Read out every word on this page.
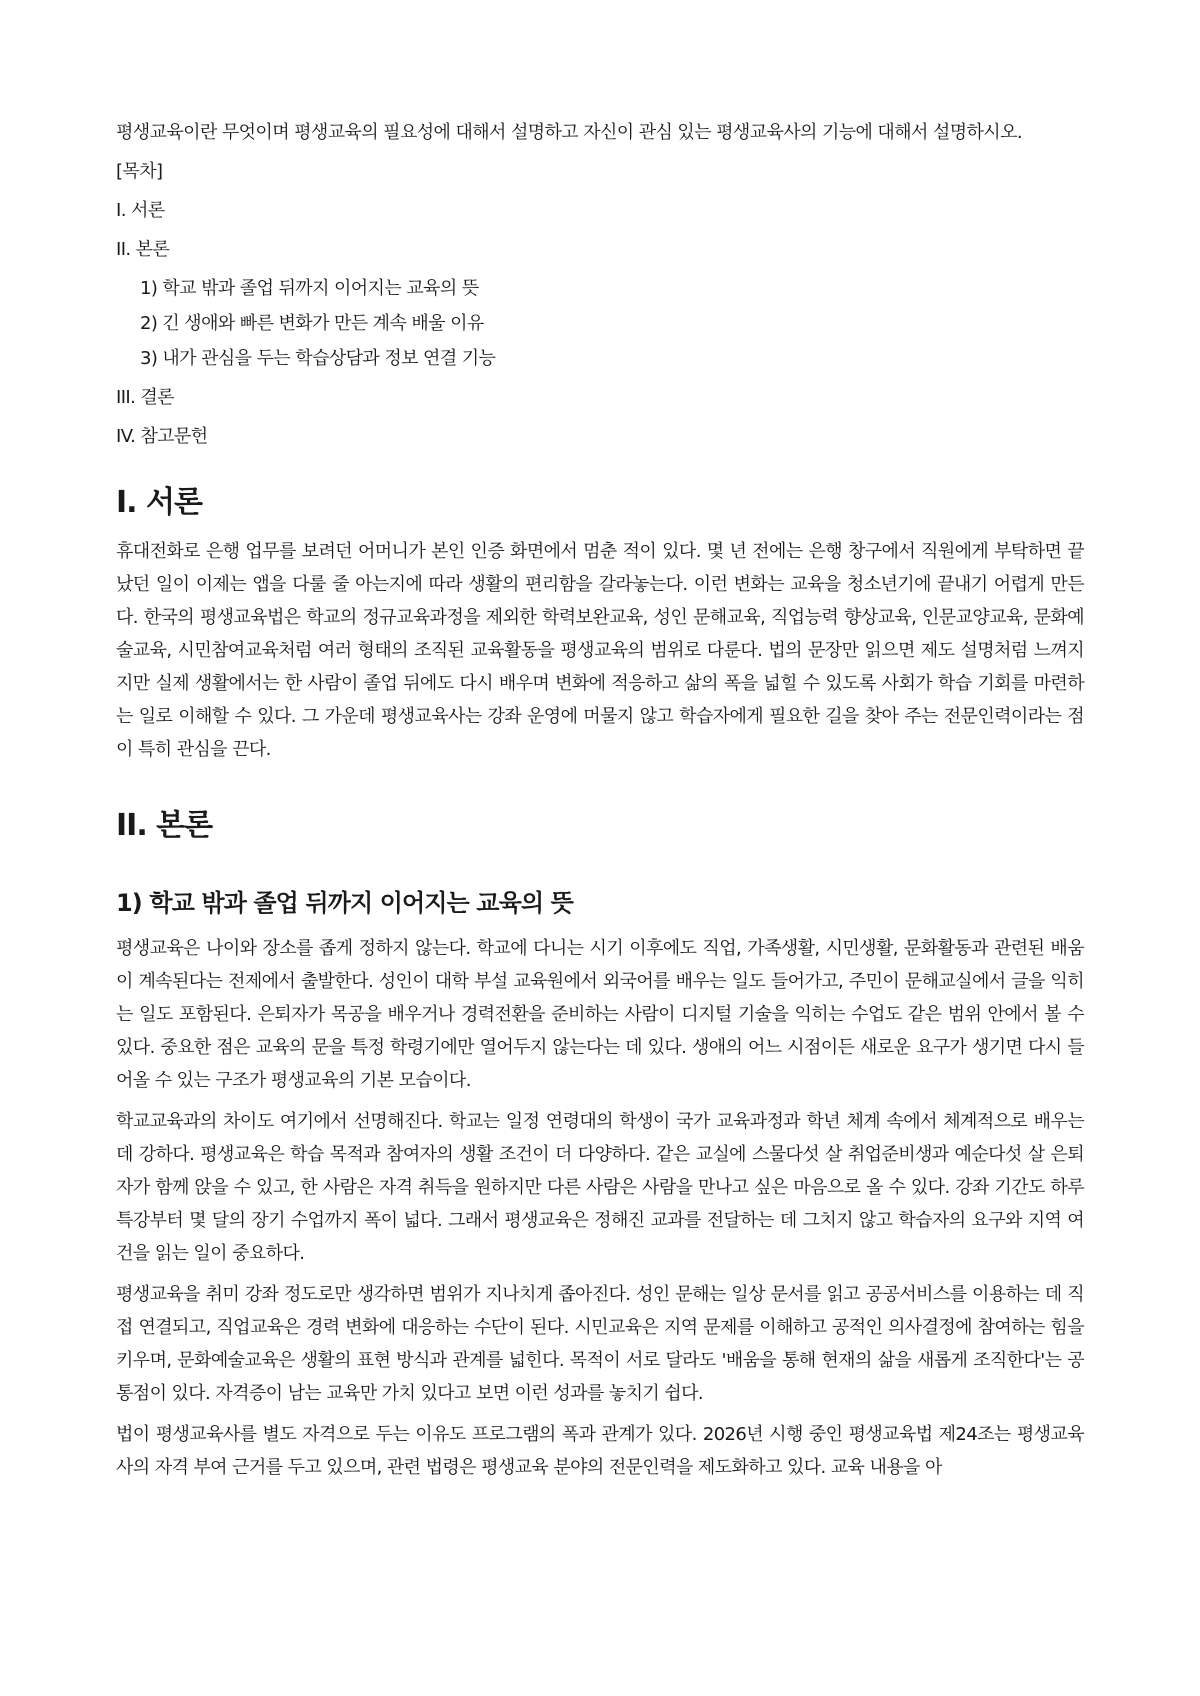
평생교육이란 무엇이며 평생교육의 필요성에 대해서 설명하고 자신이 관심 있는 평생교육사의 기능에 대해서 설명하시오.

[목차]

I. 서론

II. 본론

1) 학교 밖과 졸업 뒤까지 이어지는 교육의 뜻

2) 긴 생애와 빠른 변화가 만든 계속 배울 이유

3) 내가 관심을 두는 학습상담과 정보 연결 기능

III. 결론

IV. 참고문헌

I. 서론

휴대전화로 은행 업무를 보려던 어머니가 본인 인증 화면에서 멈춘 적이 있다. 몇 년 전에는 은행 창구에서 직원에게 부탁하면 끝났던 일이 이제는 앱을 다룰 줄 아는지에 따라 생활의 편리함을 갈라놓는다. 이런 변화는 교육을 청소년기에 끝내기 어렵게 만든다. 한국의 평생교육법은 학교의 정규교육과정을 제외한 학력보완교육, 성인 문해교육, 직업능력 향상교육, 인문교양교육, 문화예술교육, 시민참여교육처럼 여러 형태의 조직된 교육활동을 평생교육의 범위로 다룬다. 법의 문장만 읽으면 제도 설명처럼 느껴지지만 실제 생활에서는 한 사람이 졸업 뒤에도 다시 배우며 변화에 적응하고 삶의 폭을 넓힐 수 있도록 사회가 학습 기회를 마련하는 일로 이해할 수 있다. 그 가운데 평생교육사는 강좌 운영에 머물지 않고 학습자에게 필요한 길을 찾아 주는 전문인력이라는 점이 특히 관심을 끈다.

II. 본론
1) 학교 밖과 졸업 뒤까지 이어지는 교육의 뜻

평생교육은 나이와 장소를 좁게 정하지 않는다. 학교에 다니는 시기 이후에도 직업, 가족생활, 시민생활, 문화활동과 관련된 배움이 계속된다는 전제에서 출발한다. 성인이 대학 부설 교육원에서 외국어를 배우는 일도 들어가고, 주민이 문해교실에서 글을 익히는 일도 포함된다. 은퇴자가 목공을 배우거나 경력전환을 준비하는 사람이 디지털 기술을 익히는 수업도 같은 범위 안에서 볼 수 있다. 중요한 점은 교육의 문을 특정 학령기에만 열어두지 않는다는 데 있다. 생애의 어느 시점이든 새로운 요구가 생기면 다시 들어올 수 있는 구조가 평생교육의 기본 모습이다.

학교교육과의 차이도 여기에서 선명해진다. 학교는 일정 연령대의 학생이 국가 교육과정과 학년 체계 속에서 체계적으로 배우는 데 강하다. 평생교육은 학습 목적과 참여자의 생활 조건이 더 다양하다. 같은 교실에 스물다섯 살 취업준비생과 예순다섯 살 은퇴자가 함께 앉을 수 있고, 한 사람은 자격 취득을 원하지만 다른 사람은 사람을 만나고 싶은 마음으로 올 수 있다. 강좌 기간도 하루 특강부터 몇 달의 장기 수업까지 폭이 넓다. 그래서 평생교육은 정해진 교과를 전달하는 데 그치지 않고 학습자의 요구와 지역 여건을 읽는 일이 중요하다.

평생교육을 취미 강좌 정도로만 생각하면 범위가 지나치게 좁아진다. 성인 문해는 일상 문서를 읽고 공공서비스를 이용하는 데 직접 연결되고, 직업교육은 경력 변화에 대응하는 수단이 된다. 시민교육은 지역 문제를 이해하고 공적인 의사결정에 참여하는 힘을 키우며, 문화예술교육은 생활의 표현 방식과 관계를 넓힌다. 목적이 서로 달라도 '배움을 통해 현재의 삶을 새롭게 조직한다'는 공통점이 있다. 자격증이 남는 교육만 가치 있다고 보면 이런 성과를 놓치기 쉽다.

법이 평생교육사를 별도 자격으로 두는 이유도 프로그램의 폭과 관계가 있다. 2026년 시행 중인 평생교육법 제24조는 평생교육사의 자격 부여 근거를 두고 있으며, 관련 법령은 평생교육 분야의 전문인력을 제도화하고 있다. 교육 내용을 아
